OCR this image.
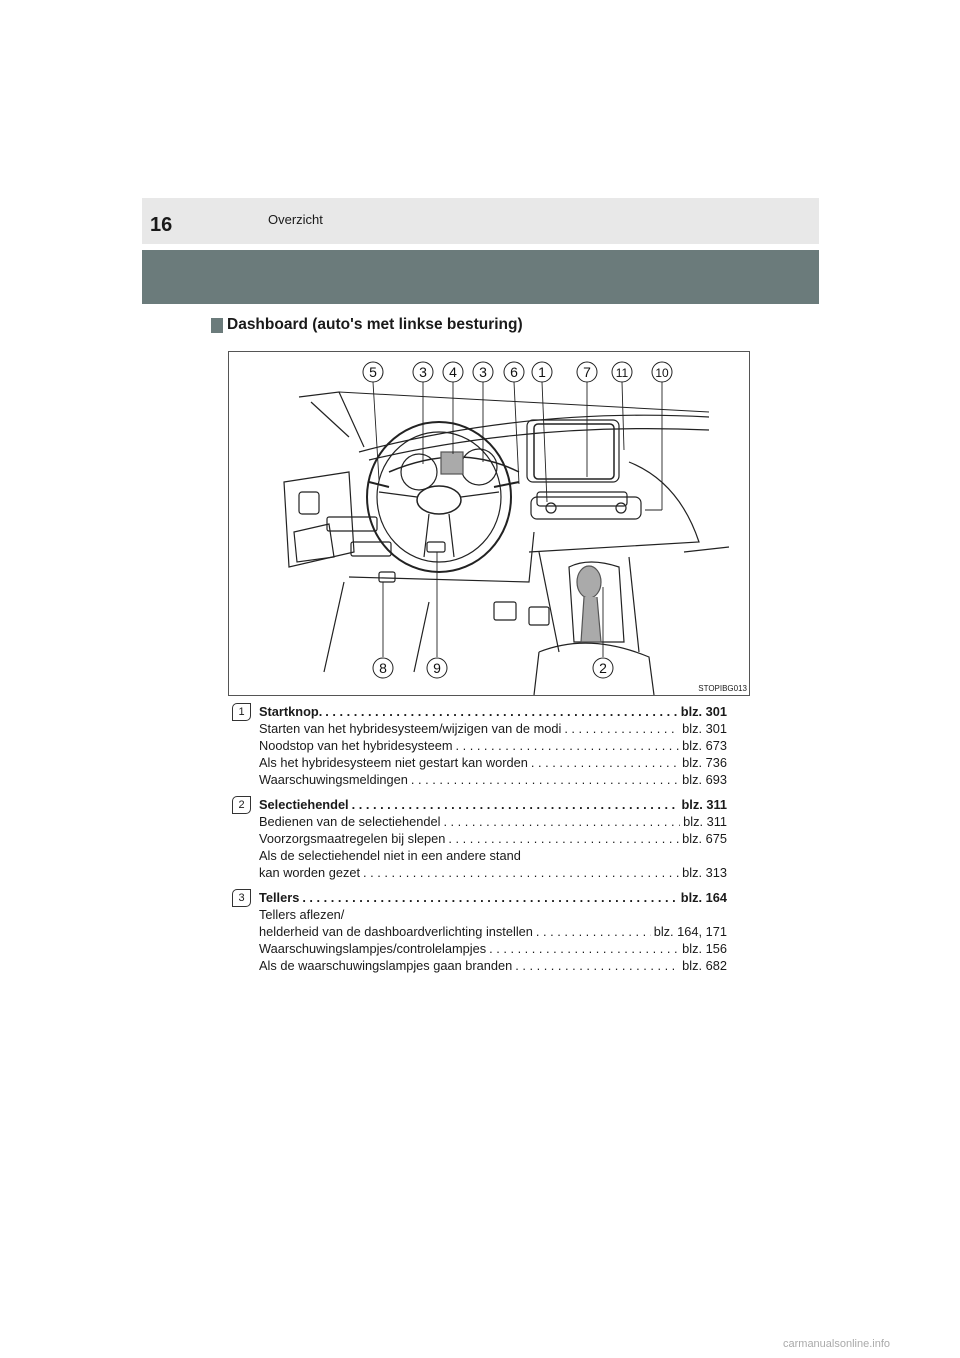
16	Overzicht
Dashboard (auto's met linkse besturing)
5	3 4 3 6 1	7 11 10
8	9	2
STOPIBG013
1	Startknop. . . .	blz. 301
Starten van het hybridesysteem/wijzigen van de modi . . .	blz. 301
Noodstop van het hybridesysteem . . .	blz. 673
Als het hybridesysteem niet gestart kan worden . . .	blz. 736
Waarschuwingsmeldingen . . .	blz. 693
2	Selectiehendel . . .	blz. 311
Bedienen van de selectiehendel . . .	blz. 311
Voorzorgsmaatregelen bij slepen . . .	blz. 675
Als de selectiehendel niet in een andere stand
kan worden gezet . . .	blz. 313
3	Tellers . . .	blz. 164
Tellers aflezen/
helderheid van de dashboardverlichting instellen . . .	blz. 164, 171
Waarschuwingslampjes/controlelampjes . . .	blz. 156
Als de waarschuwingslampjes gaan branden . . .	blz. 682
carmanualsonline.info
